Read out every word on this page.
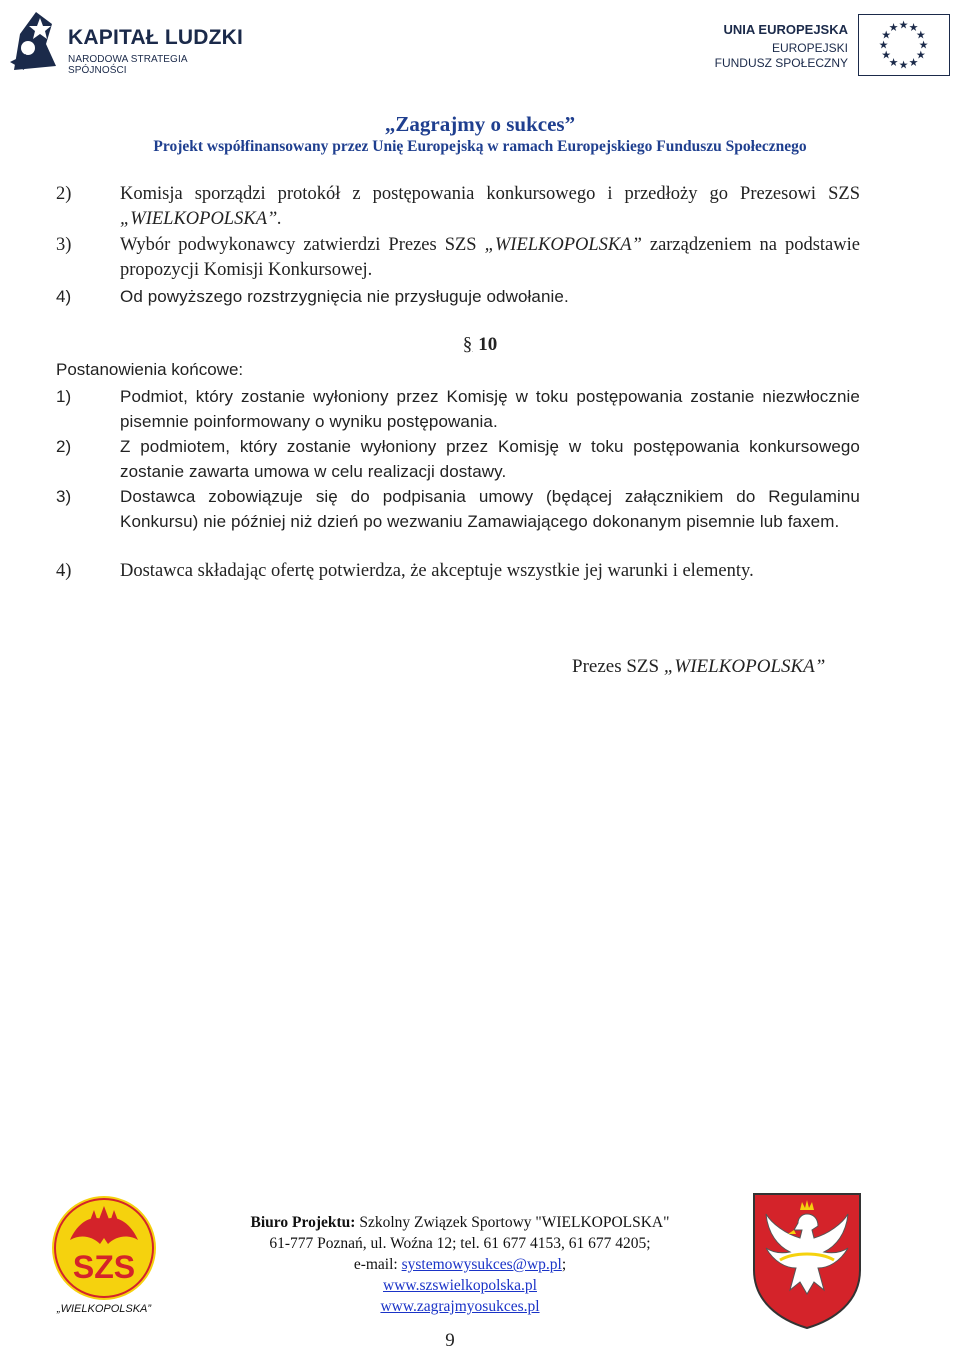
KAPITAŁ LUDZKI
NARODOWA STRATEGIA SPÓJNOŚCI
UNIA EUROPEJSKA
EUROPEJSKI
FUNDUSZ SPOŁECZNY
★
★
★
★
★
★
★
★
★ ★ ★
★
„Zagrajmy o sukces”
Projekt współfinansowany przez Unię Europejską w ramach Europejskiego Funduszu Społecznego
2)	Komisja sporządzi protokół z postępowania konkursowego i przedłoży go Prezesowi SZS „WIELKOPOLSKA”.
3)	Wybór podwykonawcy zatwierdzi Prezes SZS „WIELKOPOLSKA” zarządzeniem na podstawie propozycji Komisji Konkursowej.
4)	Od powyższego rozstrzygnięcia nie przysługuje odwołanie.
§ 10
Postanowienia końcowe:
1)	Podmiot, który zostanie wyłoniony przez Komisję w toku postępowania zostanie niezwłocznie pisemnie poinformowany o wyniku postępowania.
2)	Z podmiotem, który zostanie wyłoniony przez Komisję w toku postępowania konkursowego zostanie zawarta umowa w celu realizacji dostawy.
3)	Dostawca zobowiązuje się do podpisania umowy (będącej załącznikiem do Regulaminu Konkursu) nie później niż dzień po wezwaniu Zamawiającego dokonanym pisemnie lub faxem.
4)	Dostawca składając ofertę potwierdza, że akceptuje wszystkie jej warunki i elementy.
Prezes SZS „WIELKOPOLSKA”
SZS
„WIELKOPOLSKA”
Biuro Projektu: Szkolny Związek Sportowy "WIELKOPOLSKA"
61-777 Poznań, ul. Woźna 12; tel. 61 677 4153, 61 677 4205;
e-mail: systemowysukces@wp.pl;
www.szswielkopolska.pl
www.zagrajmyosukces.pl
9
